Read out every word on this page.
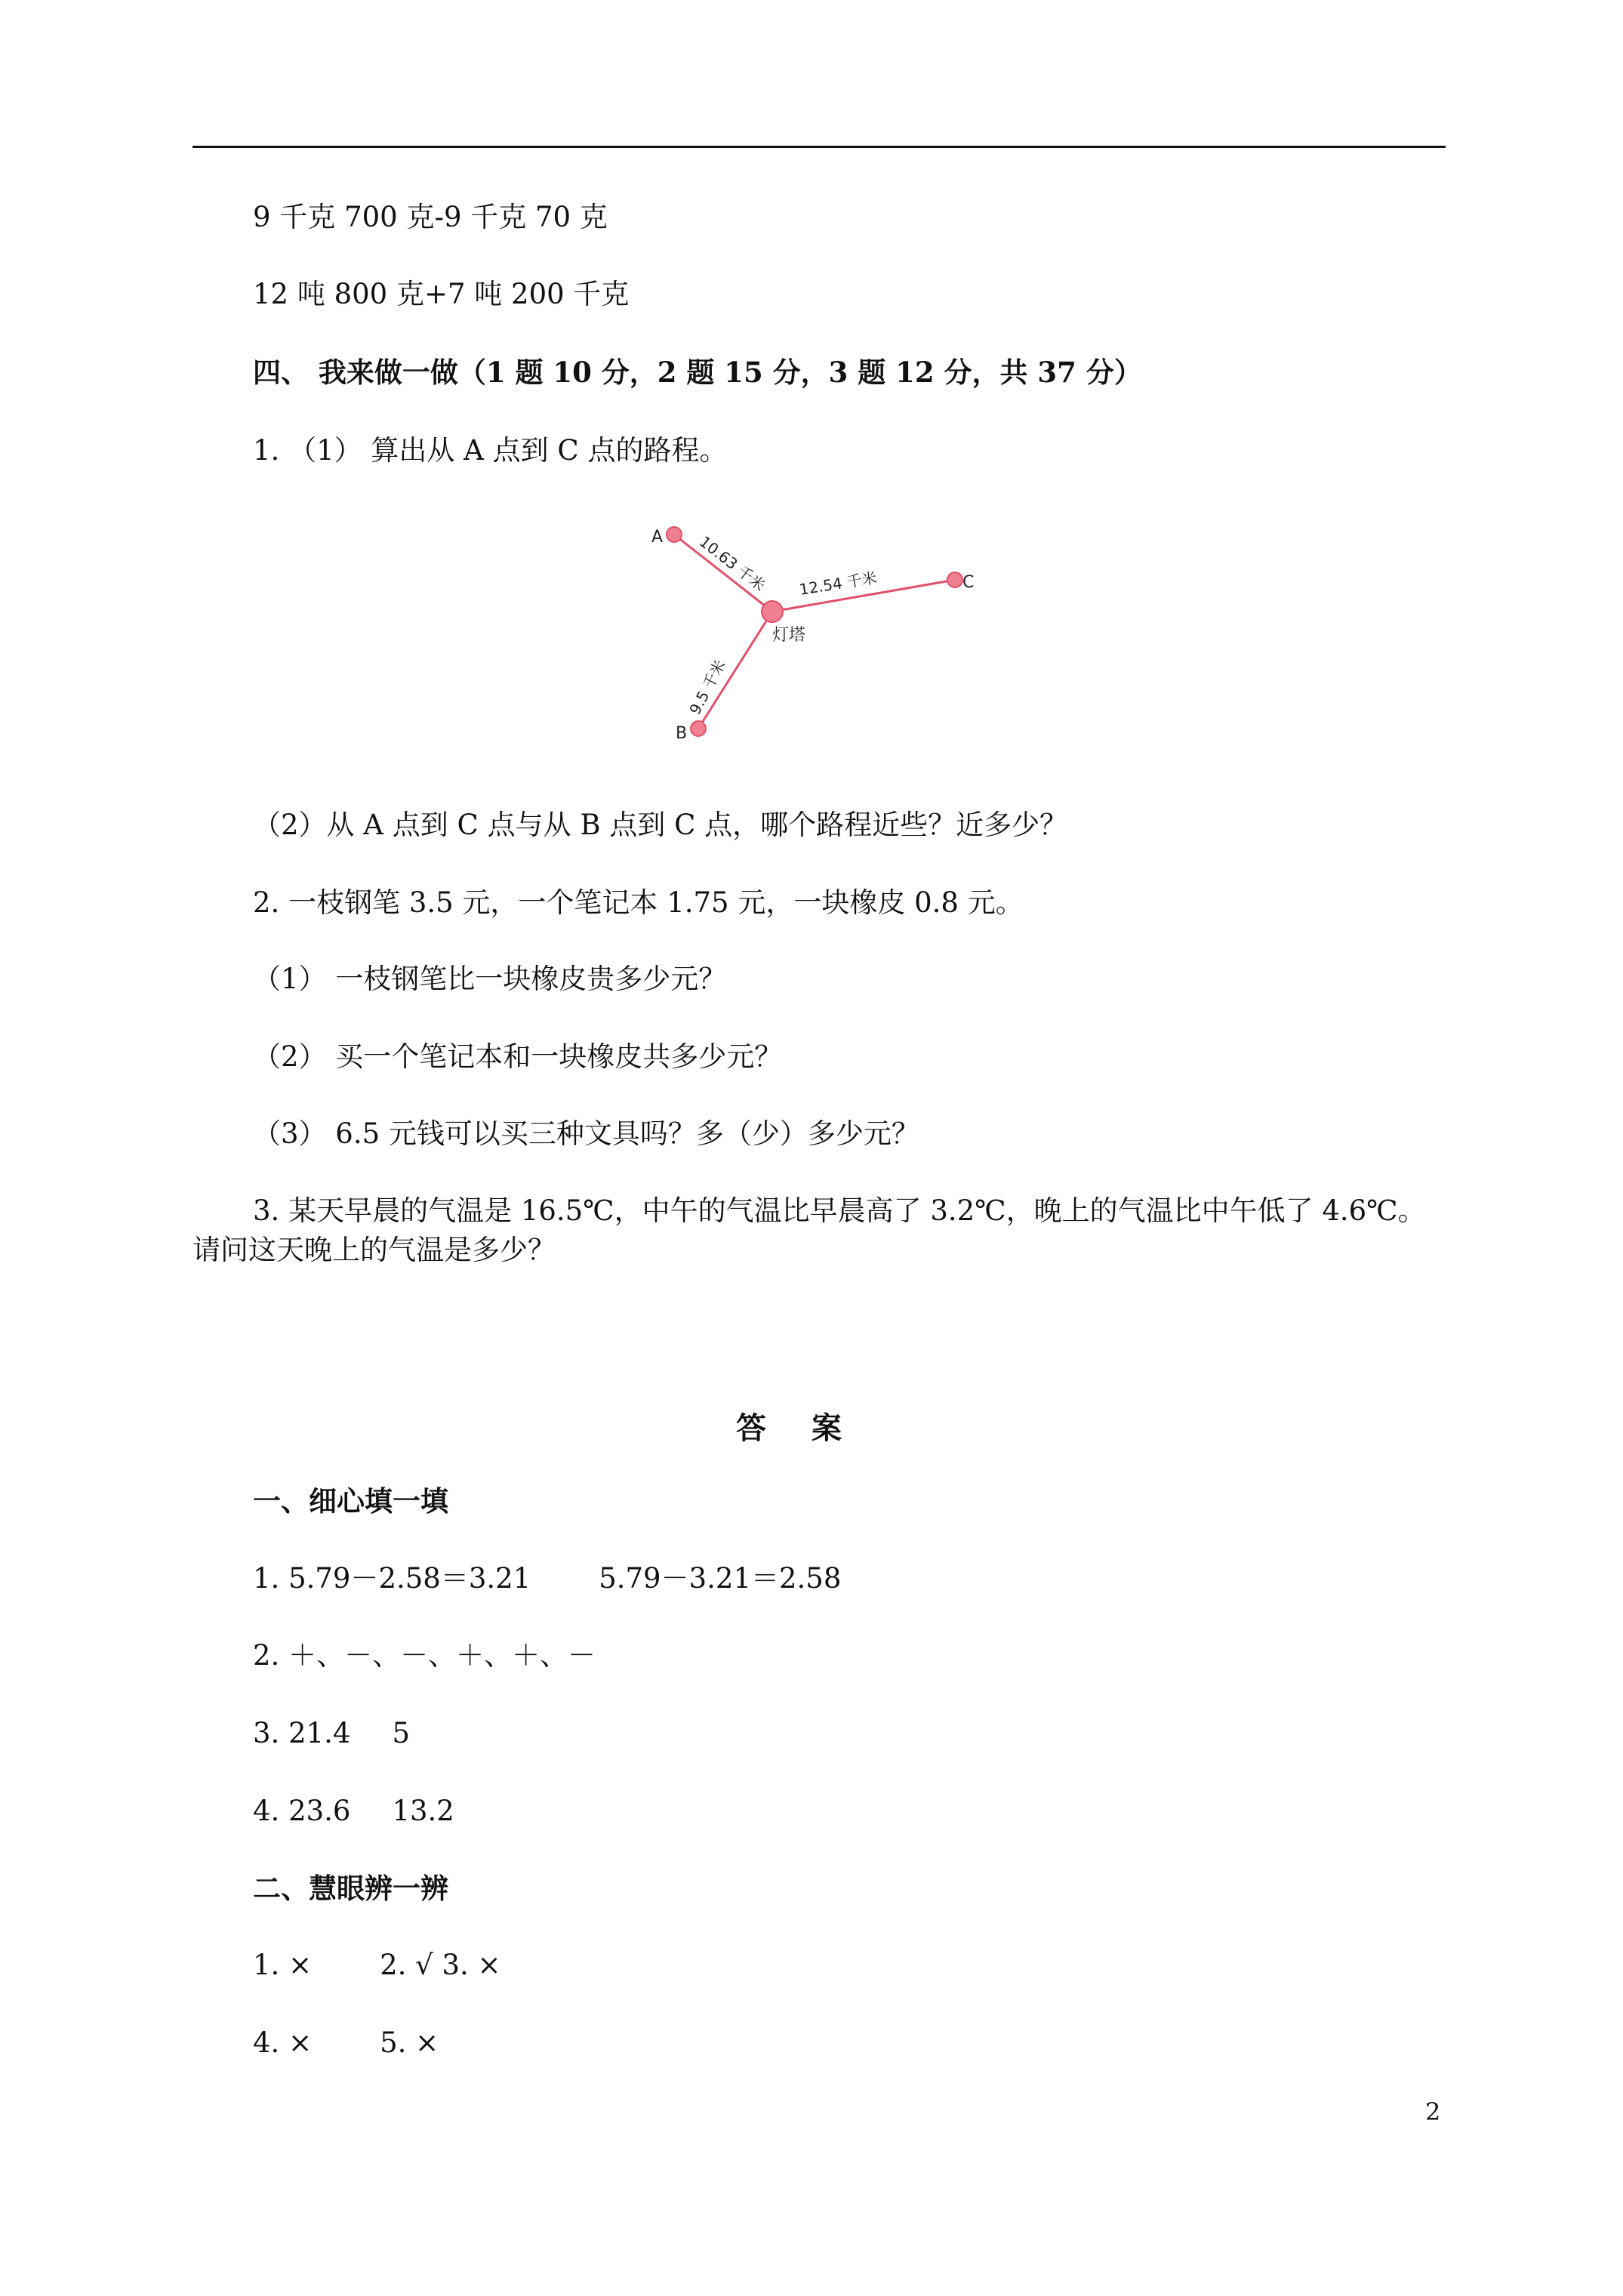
9 千克 700 克-9 千克 70 克
12 吨 800 克+7 吨 200 千克
四、 我来做一做（1 题 10 分，2 题 15 分，3 题 12 分，共 37 分）
1. （1） 算出从 A 点到 C 点的路程。
A
C
B
灯塔
10.63 千米 12.54 千米
9.5 千米
（2）从 A 点到 C 点与从 B 点到 C 点，哪个路程近些？近多少？
2. 一枝钢笔 3.5 元，一个笔记本 1.75 元，一块橡皮 0.8 元。
（1） 一枝钢笔比一块橡皮贵多少元？
（2） 买一个笔记本和一块橡皮共多少元？
（3） 6.5 元钱可以买三种文具吗？多（少）多少元？
3. 某天早晨的气温是 16.5℃，中午的气温比早晨高了 3.2℃，晚上的气温比中午低了 4.6℃。请问这天晚上的气温是多少？
答案
一、细心填一填
1. 5.79－2.58＝3.21 5.79－3.21＝2.58
2. ＋、－、－、＋、＋、－
3. 21.4 5
4. 23.6 13.2
二、慧眼辨一辨
1. × 2. √ 3. ×
4. × 5. ×
2
